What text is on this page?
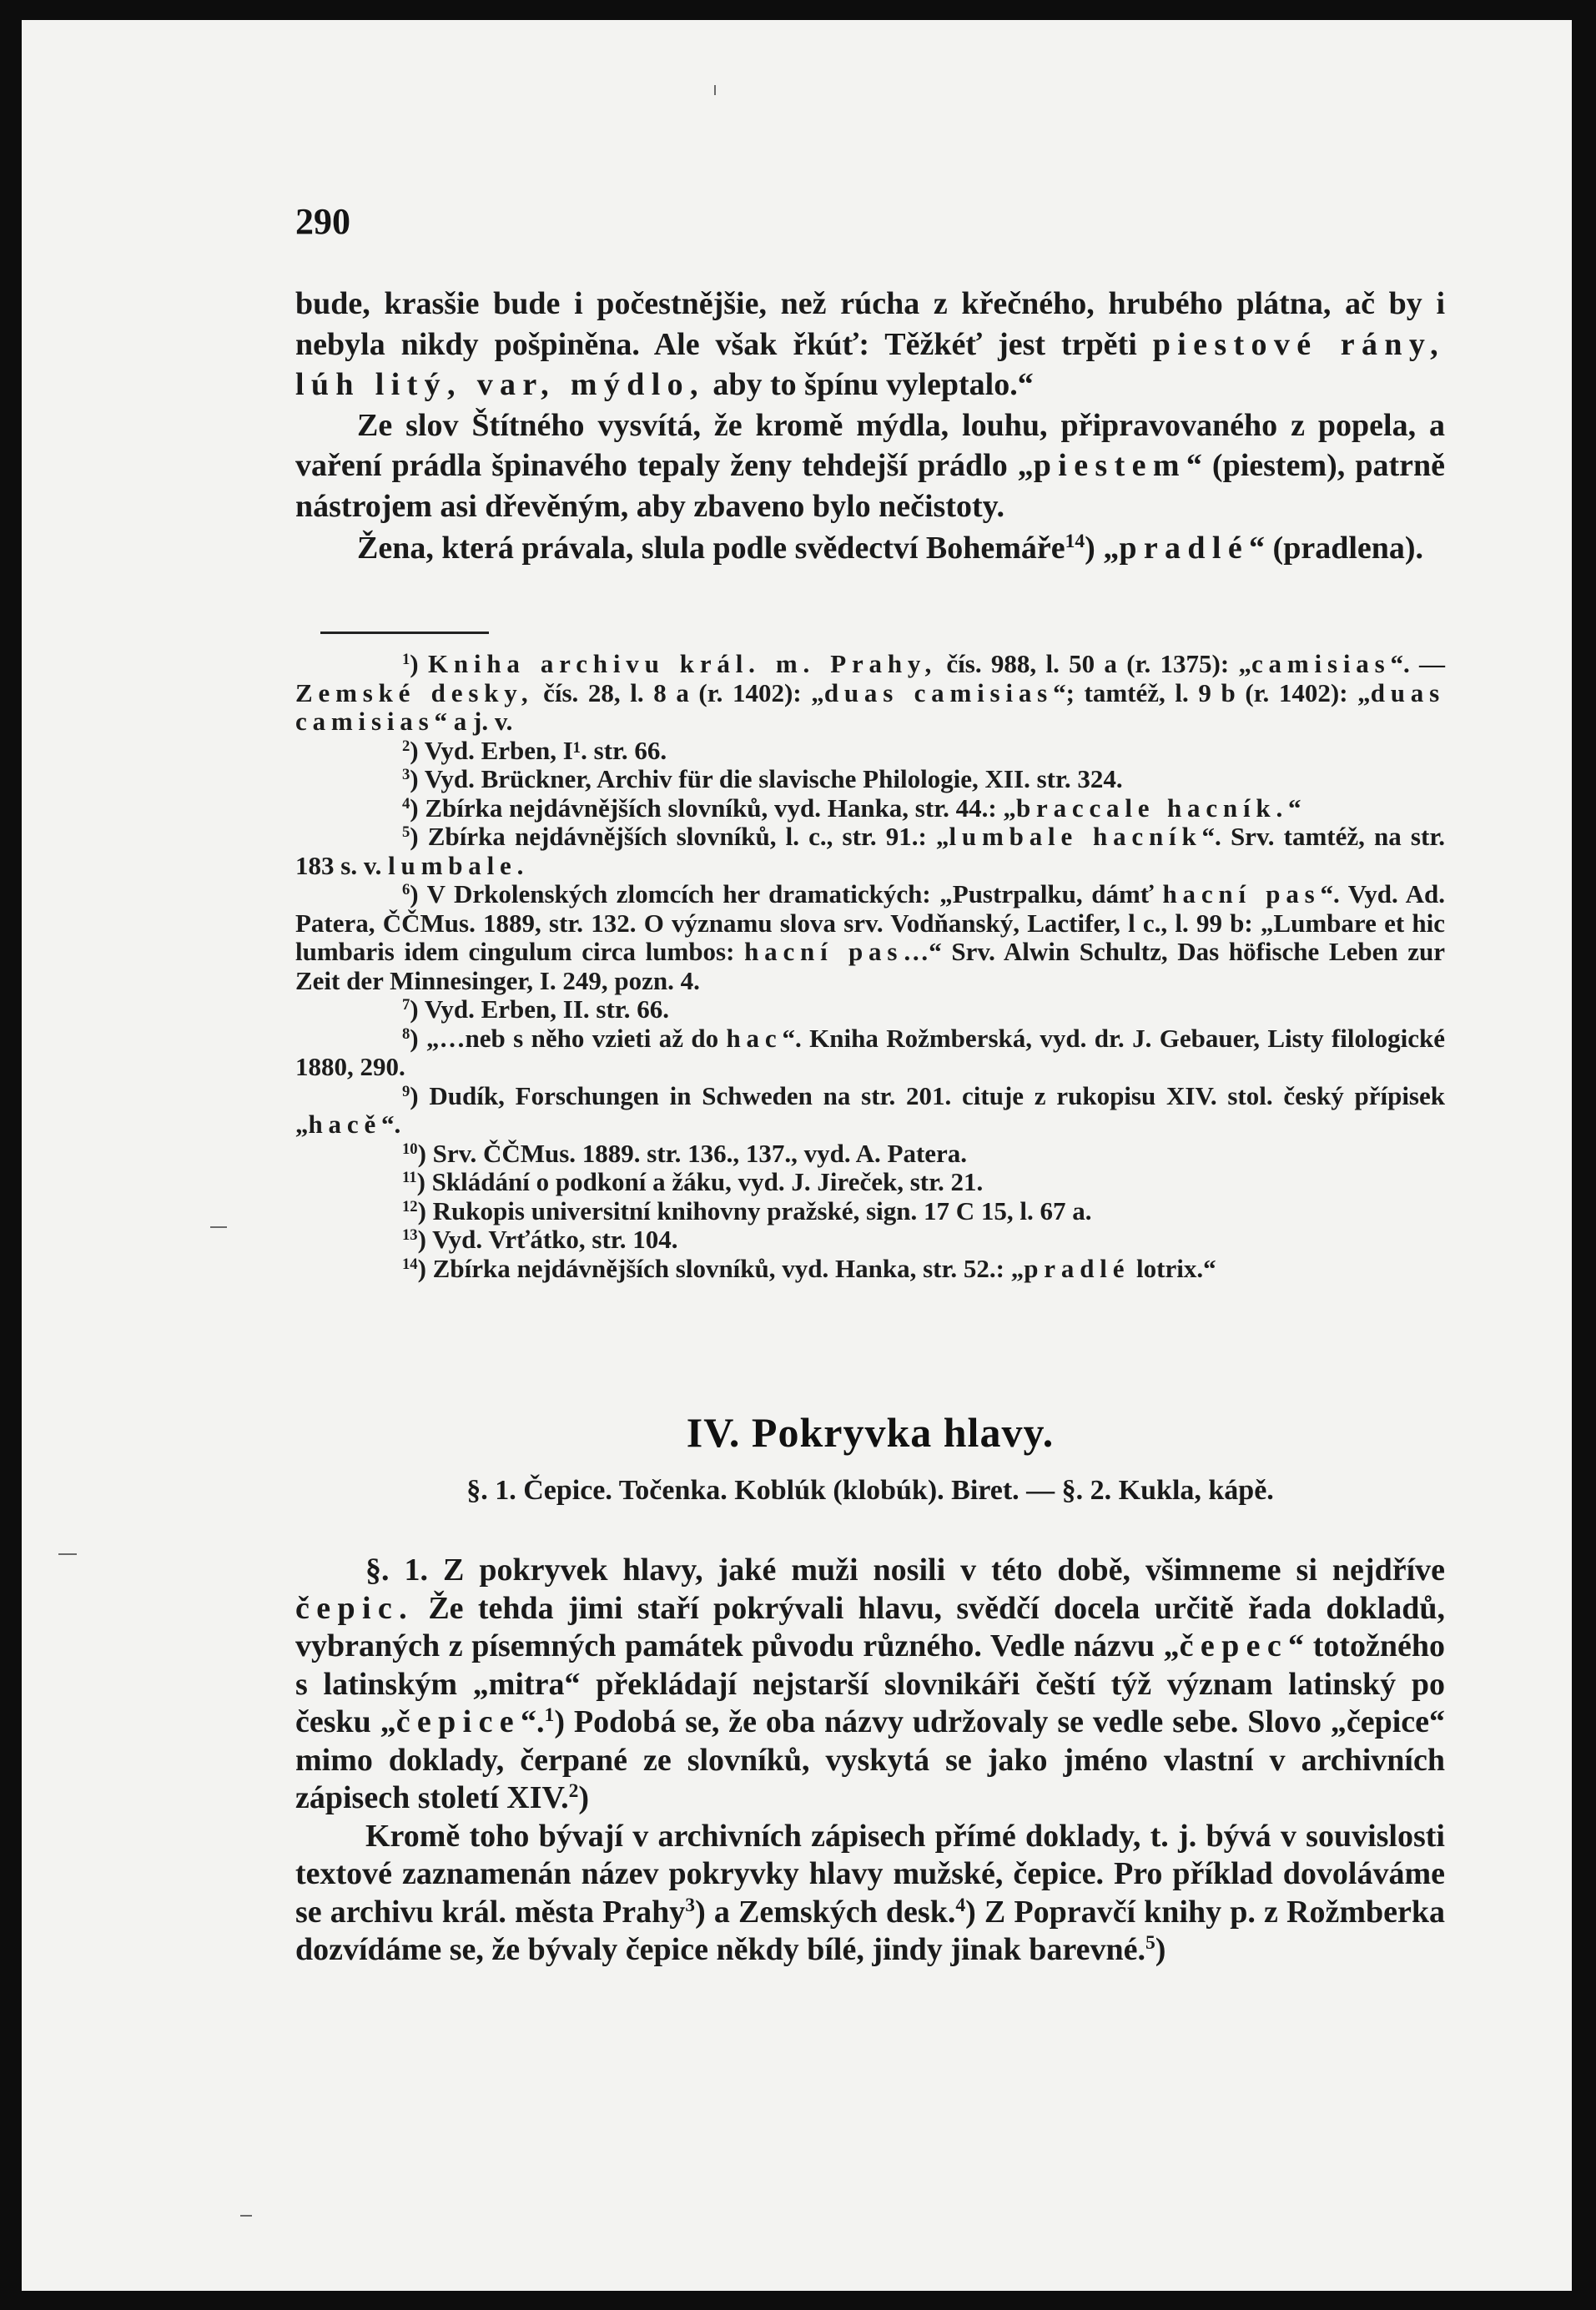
290

bude, krasšie bude i počestnějšie, než rúcha z křečného, hrubého plátna, ač by i nebyla nikdy pošpiněna. Ale však řkúť: Těžkéť jest trpěti piestové rány, lúh litý, var, mýdlo, aby to špínu vyleptalo.“

Ze slov Štítného vysvítá, že kromě mýdla, louhu, připravovaného z popela, a vaření prádla špinavého tepaly ženy tehdejší prádlo „piestem“ (piestem), patrně nástrojem asi dřevěným, aby zbaveno bylo nečistoty.

Žena, která právala, slula podle svědectví Bohemáře$^{14}$) „pradlé“ (pradlena).

$^1$) Kniha archivu král. m. Prahy, čís. 988, l. 50 a (r. 1375): „camisias“. — Zemské desky, čís. 28, l. 8 a (r. 1402): „duas camisias“; tamtéž, l. 9 b (r. 1402): „duas camisias“ a j. v.

$^2$) Vyd. Erben, I¹. str. 66.

$^3$) Vyd. Brückner, Archiv für die slavische Philologie, XII. str. 324.

$^4$) Zbírka nejdávnějších slovníků, vyd. Hanka, str. 44.: „braccale hacník.“

$^5$) Zbírka nejdávnějších slovníků, l. c., str. 91.: „lumbale hacník“. Srv. tamtéž, na str. 183 s. v. lumbale.

$^6$) V Drkolenských zlomcích her dramatických: „Pustrpalku, dámť hacní pas“. Vyd. Ad. Patera, ČČMus. 1889, str. 132. O významu slova srv. Vodňanský, Lactifer, l c., l. 99 b: „Lumbare et hic lumbaris idem cingulum circa lumbos: hacní pas…“ Srv. Alwin Schultz, Das höfische Leben zur Zeit der Minnesinger, I. 249, pozn. 4.

$^7$) Vyd. Erben, II. str. 66.

$^8$) „…neb s něho vzieti až do hac“. Kniha Rožmberská, vyd. dr. J. Gebauer, Listy filologické 1880, 290.

$^9$) Dudík, Forschungen in Schweden na str. 201. cituje z rukopisu XIV. stol. český přípisek „hacě“.

$^{10}$) Srv. ČČMus. 1889. str. 136., 137., vyd. A. Patera.

$^{11}$) Skládání o podkoní a žáku, vyd. J. Jireček, str. 21.

$^{12}$) Rukopis universitní knihovny pražské, sign. 17 C 15, l. 67 a.

$^{13}$) Vyd. Vrťátko, str. 104.

$^{14}$) Zbírka nejdávnějších slovníků, vyd. Hanka, str. 52.: „pradlé lotrix.“

IV. Pokryvka hlavy.
§. 1. Čepice. Točenka. Koblúk (klobúk). Biret. — §. 2. Kukla, kápě.

§. 1. Z pokryvek hlavy, jaké muži nosili v této době, všimneme si nejdříve čepic. Že tehda jimi staří pokrývali hlavu, svědčí docela určitě řada dokladů, vybraných z písemných památek původu různého. Vedle názvu „čepec“ totožného s latinským „mitra“ překládají nejstarší slovnikáři čeští týž význam latinský po česku „čepice“.$^1$) Podobá se, že oba názvy udržovaly se vedle sebe. Slovo „čepice“ mimo doklady, čerpané ze slovníků, vyskytá se jako jméno vlastní v archivních zápisech století XIV.$^2$)

Kromě toho bývají v archivních zápisech přímé doklady, t. j. bývá v souvislosti textové zaznamenán název pokryvky hlavy mužské, čepice. Pro příklad dovoláváme se archivu král. města Prahy$^3$) a Zemských desk.$^4$) Z Popravčí knihy p. z Rožmberka dozvídáme se, že bývaly čepice někdy bílé, jindy jinak barevné.$^5$)
